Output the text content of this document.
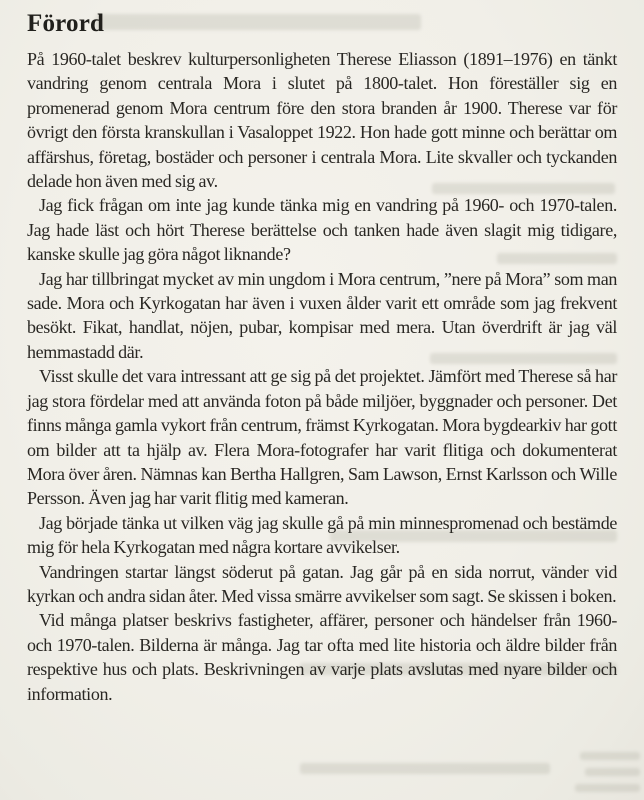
Förord

På 1960-talet beskrev kulturpersonligheten Therese Eliasson (1891–1976) en tänkt vandring genom centrala Mora i slutet på 1800-talet. Hon föreställer sig en promenerad genom Mora centrum före den stora branden år 1900. Therese var för övrigt den första kranskullan i Vasaloppet 1922. Hon hade gott minne och berättar om affärshus, företag, bostäder och personer i centrala Mora. Lite skvaller och tyckanden delade hon även med sig av.

Jag fick frågan om inte jag kunde tänka mig en vandring på 1960- och 1970-talen. Jag hade läst och hört Therese berättelse och tanken hade även slagit mig tidigare, kanske skulle jag göra något liknande?

Jag har tillbringat mycket av min ungdom i Mora centrum, ”nere på Mora” som man sade. Mora och Kyrkogatan har även i vuxen ålder varit ett område som jag frekvent besökt. Fikat, handlat, nöjen, pubar, kompisar med mera. Utan överdrift är jag väl hemmastadd där.

Visst skulle det vara intressant att ge sig på det projektet. Jämfört med Therese så har jag stora fördelar med att använda foton på både miljöer, byggnader och personer. Det finns många gamla vykort från centrum, främst Kyrkogatan. Mora bygdearkiv har gott om bilder att ta hjälp av. Flera Mora-fotografer har varit flitiga och dokumenterat Mora över åren. Nämnas kan Bertha Hallgren, Sam Lawson, Ernst Karlsson och Wille Persson. Även jag har varit flitig med kameran.

Jag började tänka ut vilken väg jag skulle gå på min minnespromenad och bestämde mig för hela Kyrkogatan med några kortare avvikelser.

Vandringen startar längst söderut på gatan. Jag går på en sida norrut, vänder vid kyrkan och andra sidan åter. Med vissa smärre avvikelser som sagt. Se skissen i boken.

Vid många platser beskrivs fastigheter, affärer, personer och händelser från 1960- och 1970-talen. Bilderna är många. Jag tar ofta med lite historia och äldre bilder från respektive hus och plats. Beskrivningen av varje plats avslutas med nyare bilder och information.
